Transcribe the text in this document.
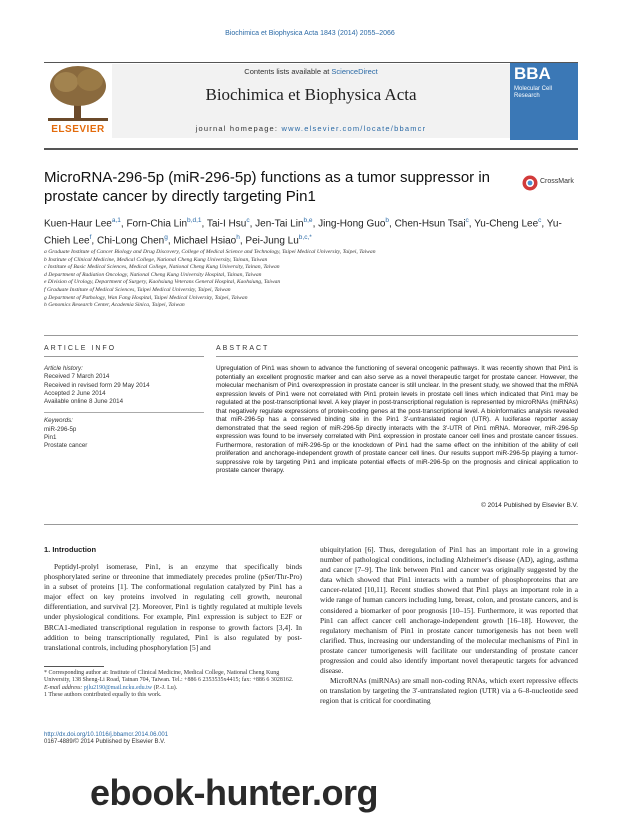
Biochimica et Biophysica Acta 1843 (2014) 2055–2066
ELSEVIER
Contents lists available at ScienceDirect
Biochimica et Biophysica Acta
journal homepage: www.elsevier.com/locate/bbamcr
BBA
Molecular Cell Research
MicroRNA-296-5p (miR-296-5p) functions as a tumor suppressor in prostate cancer by directly targeting Pin1
CrossMark
Kuen-Haur Lee$^{a,1}$, Forn-Chia Lin$^{b,d,1}$, Tai-I Hsu$^c$, Jen-Tai Lin$^{b,e}$, Jing-Hong Guo$^b$, Chen-Hsun Tsai$^c$, Yu-Cheng Lee$^c$, Yu-Chieh Lee$^f$, Chi-Long Chen$^g$, Michael Hsiao$^h$, Pei-Jung $Lu^{b,c,*}$
a Graduate Institute of Cancer Biology and Drug Discovery, College of Medical Science and Technology, Taipei Medical University, Taipei, Taiwan
b Institute of Clinical Medicine, Medical College, National Cheng Kung University, Tainan, Taiwan
c Institute of Basic Medical Sciences, Medical College, National Cheng Kung University, Tainan, Taiwan
d Department of Radiation Oncology, National Cheng Kung University Hospital, Tainan, Taiwan
e Division of Urology, Department of Surgery, Kaohsiung Veterans General Hospital, Kaohsiung, Taiwan
f Graduate Institute of Medical Sciences, Taipei Medical University, Taipei, Taiwan
g Department of Pathology, Wan Fang Hospital, Taipei Medical University, Taipei, Taiwan
h Genomics Research Center, Academia Sinica, Taipei, Taiwan
ARTICLE INFO	ABSTRACT
Article history:
Received 7 March 2014
Received in revised form 29 May 2014
Accepted 2 June 2014
Available online 8 June 2014
Keywords:
miR-296-5p
Pin1
Prostate cancer
Upregulation of Pin1 was shown to advance the functioning of several oncogenic pathways. It was recently shown that Pin1 is potentially an excellent prognostic marker and can also serve as a novel therapeutic target for prostate cancer. However, the molecular mechanism of Pin1 overexpression in prostate cancer is still unclear. In the present study, we showed that the mRNA expression levels of Pin1 were not correlated with Pin1 protein levels in prostate cell lines which indicated that Pin1 may be regulated at the post-transcriptional level. A key player in post-transcriptional regulation is represented by microRNAs (miRNAs) that negatively regulate expressions of protein-coding genes at the post-transcriptional level. A bioinformatics analysis revealed that miR-296-5p has a conserved binding site in the Pin1 3′-untranslated region (UTR). A luciferase reporter assay demonstrated that the seed region of miR-296-5p directly interacts with the 3′-UTR of Pin1 mRNA. Moreover, miR-296-5p expression was found to be inversely correlated with Pin1 expression in prostate cancer cell lines and prostate cancer tissues. Furthermore, restoration of miR-296-5p or the knockdown of Pin1 had the same effect on the inhibition of the ability of cell proliferation and anchorage-independent growth of prostate cancer cell lines. Our results support miR-296-5p playing a tumor-suppressive role by targeting Pin1 and implicate potential effects of miR-296-5p on the prognosis and clinical application to prostate cancer therapy.
© 2014 Published by Elsevier B.V.
1. Introduction
Peptidyl-prolyl isomerase, Pin1, is an enzyme that specifically binds phosphorylated serine or threonine that immediately precedes proline (pSer/Thr-Pro) in a subset of proteins [1]. The conformational regulation catalyzed by Pin1 has a major effect on key proteins involved in regulating cell growth, neuronal differentiation, and survival [2]. Moreover, Pin1 is tightly regulated at multiple levels under physiological conditions. For example, Pin1 expression is subject to E2F or BRCA1-mediated transcriptional regulation in response to growth factors [3,4]. In addition to being transcriptionally regulated, Pin1 is also regulated by post-translational controls, including phosphorylation [5] and
ubiquitylation [6]. Thus, deregulation of Pin1 has an important role in a growing number of pathological conditions, including Alzheimer's disease (AD), aging, asthma and cancer [7–9]. The link between Pin1 and cancer was originally suggested by the data which showed that Pin1 interacts with a number of phosphoproteins that are cancer-related [10,11]. Recent studies showed that Pin1 plays an important role in a wide range of human cancers including lung, breast, colon, and prostate cancers, and is considered a biomarker of poor prognosis [10–15]. Furthermore, it was reported that Pin1 can affect cancer cell anchorage-independent growth [16–18]. However, the regulatory mechanism of Pin1 in prostate cancer tumorigenesis has not been well clarified. Thus, increasing our understanding of the molecular mechanisms of Pin1 in prostate cancer tumorigenesis will facilitate our understanding of prostate cancer progression and could also identify important novel therapeutic targets for advanced disease.
MicroRNAs (miRNAs) are small non-coding RNAs, which exert repressive effects on translation by targeting the 3′-untranslated region (UTR) via a 6–8-nucleotide seed region that is critical for coordinating
* Corresponding author at: Institute of Clinical Medicine, Medical College, National Cheng Kung University, 138 Sheng-Li Road, Tainan 704, Taiwan. Tel.: +886 6 2353535x4415; fax: +886 6 3028162.
E-mail address: pjlu2190@mail.ncku.edu.tw (P.-J. Lu).
1 These authors contributed equally to this work.
http://dx.doi.org/10.1016/j.bbamcr.2014.06.001
0167-4889/© 2014 Published by Elsevier B.V.
ebook-hunter.org
